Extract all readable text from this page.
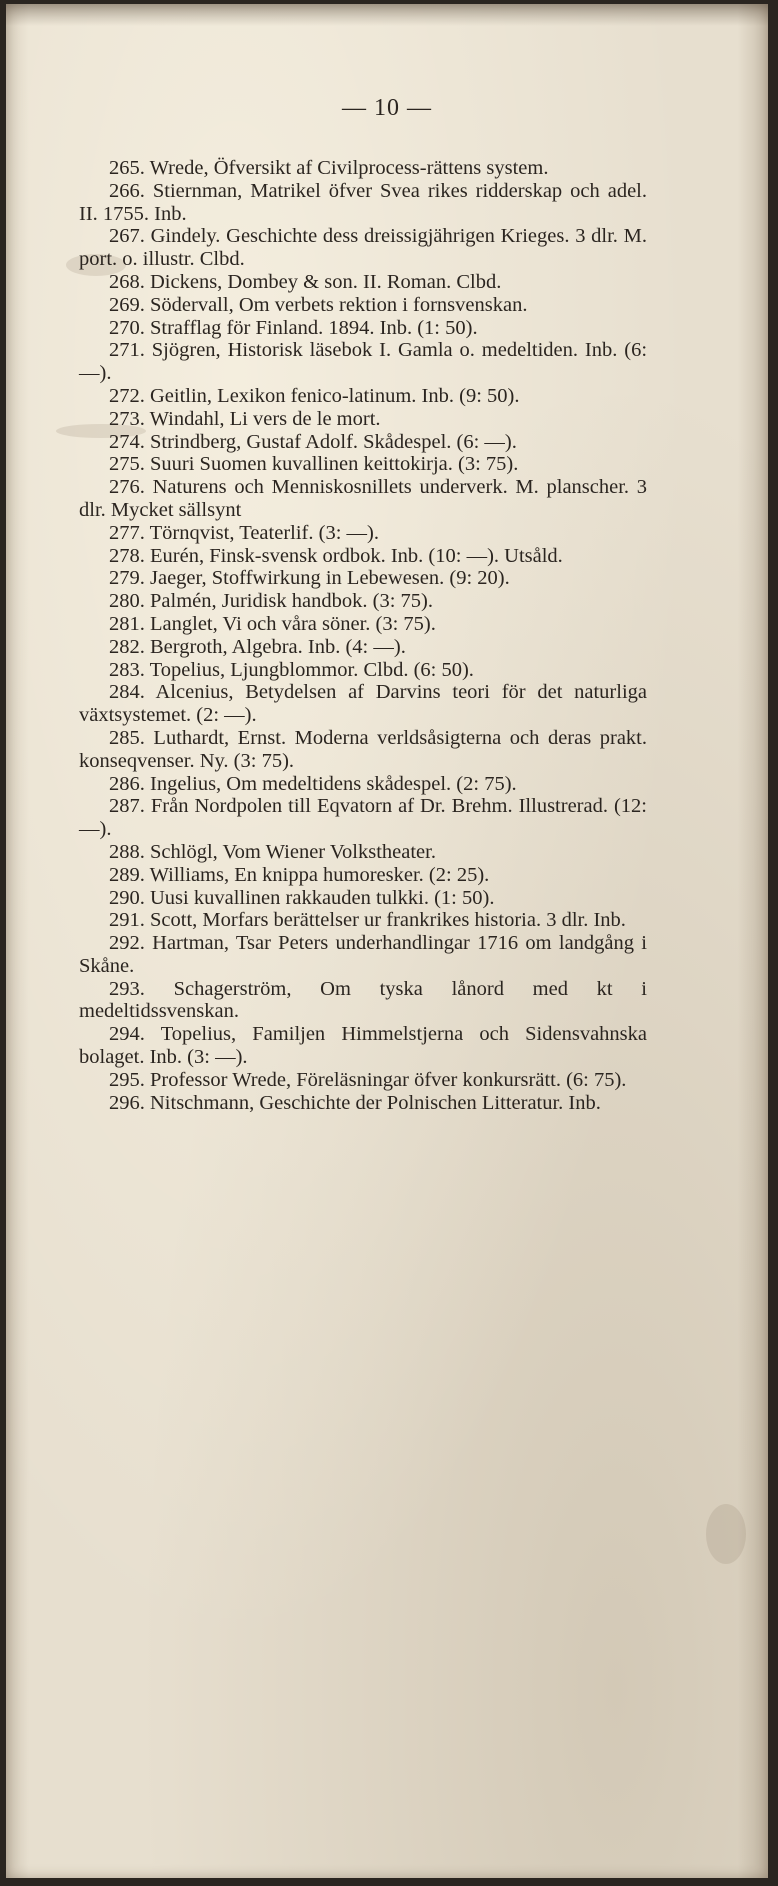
— 10 —

265. Wrede, Öfversikt af Civilprocess-rättens system.

266. Stiernman, Matrikel öfver Svea rikes ridderskap och adel. II. 1755. Inb.

267. Gindely. Geschichte dess dreissigjährigen Krieges. 3 dlr. M. port. o. illustr. Clbd.

268. Dickens, Dombey & son. II. Roman. Clbd.

269. Södervall, Om verbets rektion i fornsvenskan.

270. Strafflag för Finland. 1894. Inb. (1: 50).

271. Sjögren, Historisk läsebok I. Gamla o. medeltiden. Inb. (6: —).

272. Geitlin, Lexikon fenico-latinum. Inb. (9: 50).

273. Windahl, Li vers de le mort.

274. Strindberg, Gustaf Adolf. Skådespel. (6: —).

275. Suuri Suomen kuvallinen keittokirja. (3: 75).

276. Naturens och Menniskosnillets underverk. M. planscher. 3 dlr. Mycket sällsynt

277. Törnqvist, Teaterlif. (3: —).

278. Eurén, Finsk-svensk ordbok. Inb. (10: —). Utsåld.

279. Jaeger, Stoffwirkung in Lebewesen. (9: 20).

280. Palmén, Juridisk handbok. (3: 75).

281. Langlet, Vi och våra söner. (3: 75).

282. Bergroth, Algebra. Inb. (4: —).

283. Topelius, Ljungblommor. Clbd. (6: 50).

284. Alcenius, Betydelsen af Darvins teori för det naturliga växtsystemet. (2: —).

285. Luthardt, Ernst. Moderna verldsåsigterna och deras prakt. konseqvenser. Ny. (3: 75).

286. Ingelius, Om medeltidens skådespel. (2: 75).

287. Från Nordpolen till Eqvatorn af Dr. Brehm. Illustrerad. (12: —).

288. Schlögl, Vom Wiener Volkstheater.

289. Williams, En knippa humoresker. (2: 25).

290. Uusi kuvallinen rakkauden tulkki. (1: 50).

291. Scott, Morfars berättelser ur frankrikes historia. 3 dlr. Inb.

292. Hartman, Tsar Peters underhandlingar 1716 om landgång i Skåne.

293. Schagerström, Om tyska lånord med kt i medeltidssvenskan.

294. Topelius, Familjen Himmelstjerna och Sidensvahnska bolaget. Inb. (3: —).

295. Professor Wrede, Föreläsningar öfver konkursrätt. (6: 75).

296. Nitschmann, Geschichte der Polnischen Litteratur. Inb.
